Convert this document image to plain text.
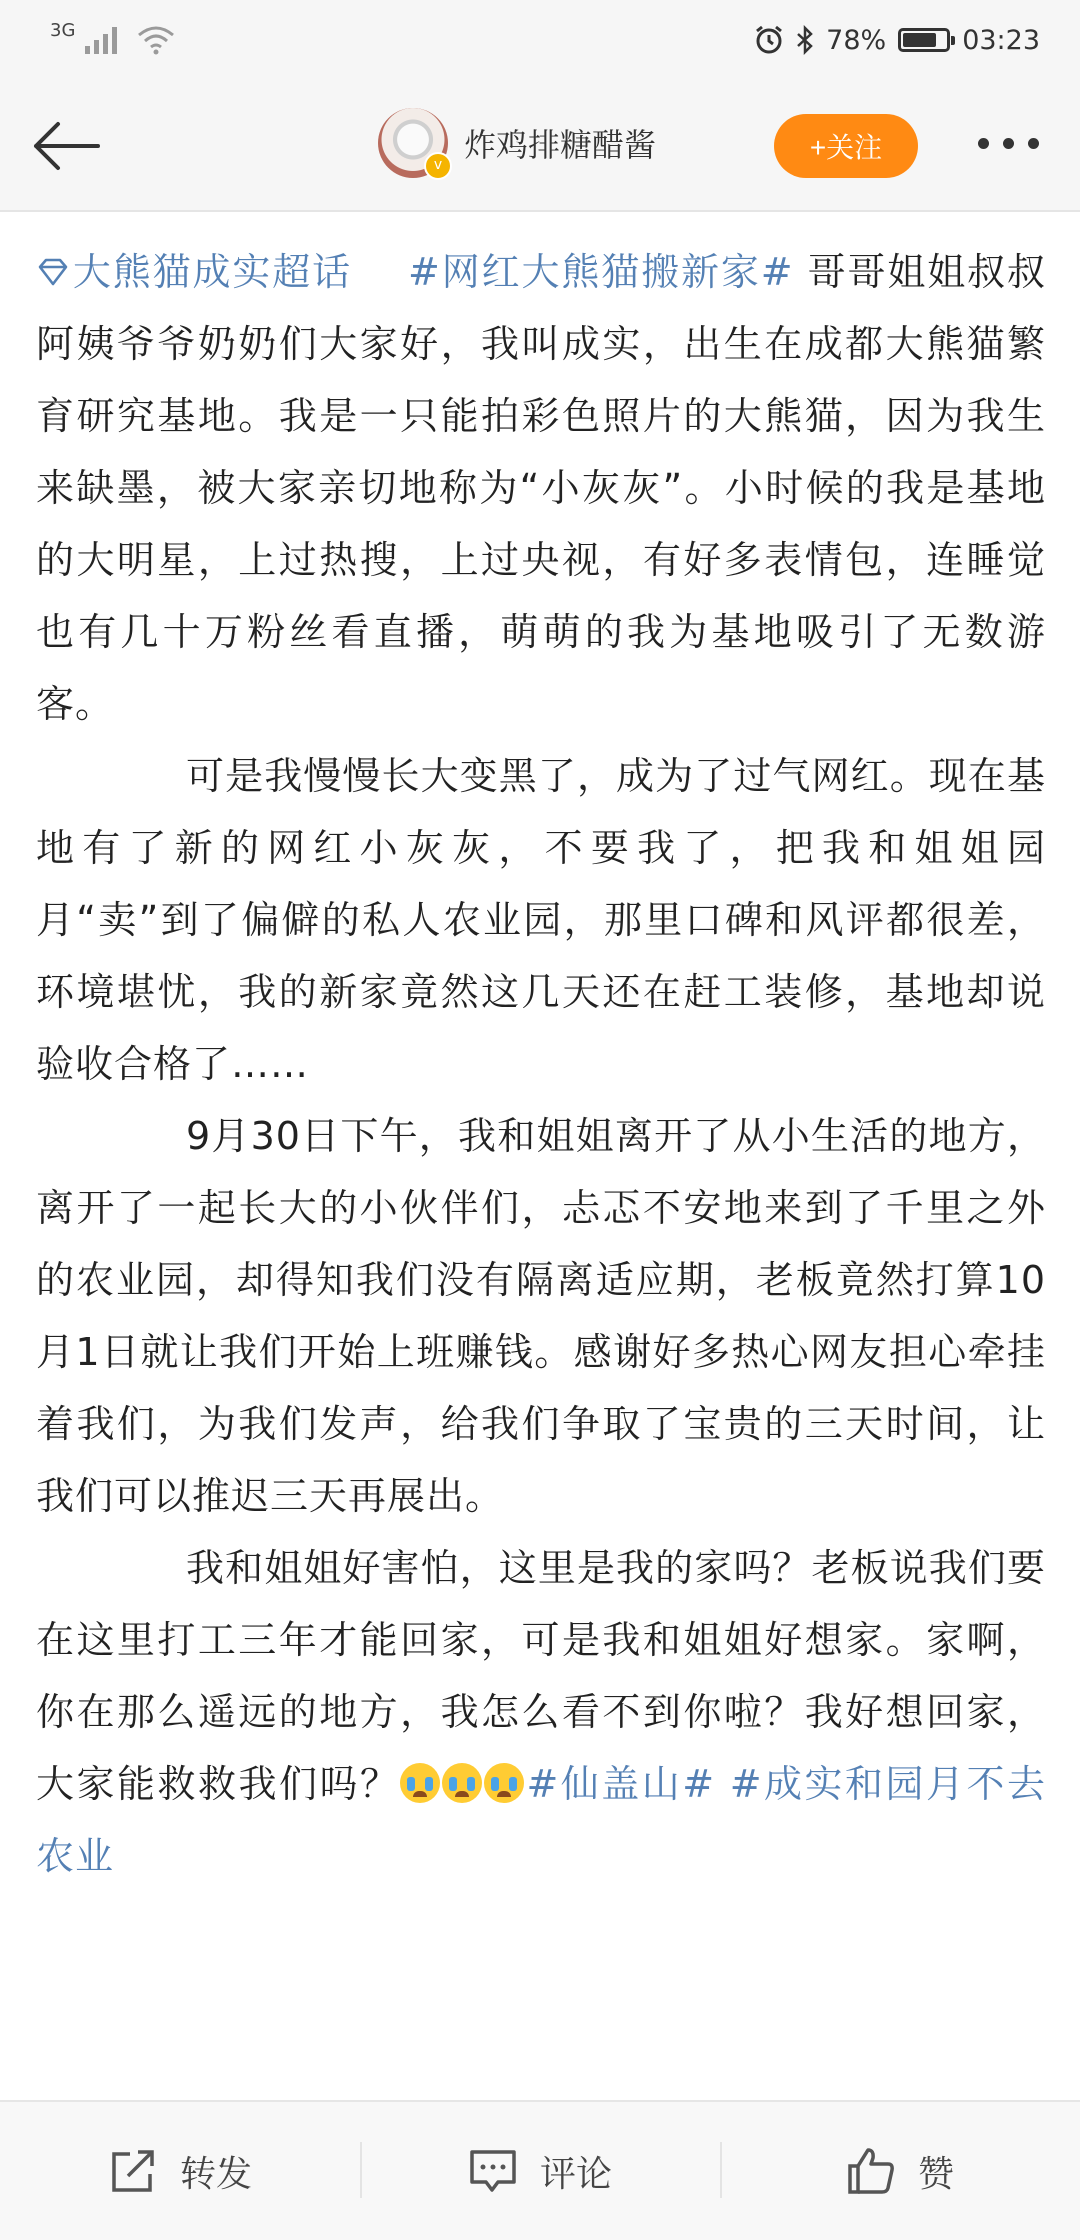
3G	78%	03:23
v
炸鸡排糖醋酱	+关注

大熊猫成实超话 #网红大熊猫搬新家# 哥哥姐姐叔叔阿姨爷爷奶奶们大家好，我叫成实，出生在成都大熊猫繁育研究基地。我是一只能拍彩色照片的大熊猫，因为我生来缺墨，被大家亲切地称为“小灰灰”。小时候的我是基地的大明星，上过热搜，上过央视，有好多表情包，连睡觉也有几十万粉丝看直播，萌萌的我为基地吸引了无数游客。

可是我慢慢长大变黑了，成为了过气网红。现在基地有了新的网红小灰灰，不要我了，把我和姐姐园月“卖”到了偏僻的私人农业园，那里口碑和风评都很差，环境堪忧，我的新家竟然这几天还在赶工装修，基地却说验收合格了……

9月30日下午，我和姐姐离开了从小生活的地方，离开了一起长大的小伙伴们，忐忑不安地来到了千里之外的农业园，却得知我们没有隔离适应期，老板竟然打算10月1日就让我们开始上班赚钱。感谢好多热心网友担心牵挂着我们，为我们发声，给我们争取了宝贵的三天时间，让我们可以推迟三天再展出。

我和姐姐好害怕，这里是我的家吗？老板说我们要在这里打工三年才能回家，可是我和姐姐好想家。家啊，你在那么遥远的地方，我怎么看不到你啦？我好想回家，大家能救救我们吗？	#仙盖山# #成实和园月不去农业

转发	评论	赞
